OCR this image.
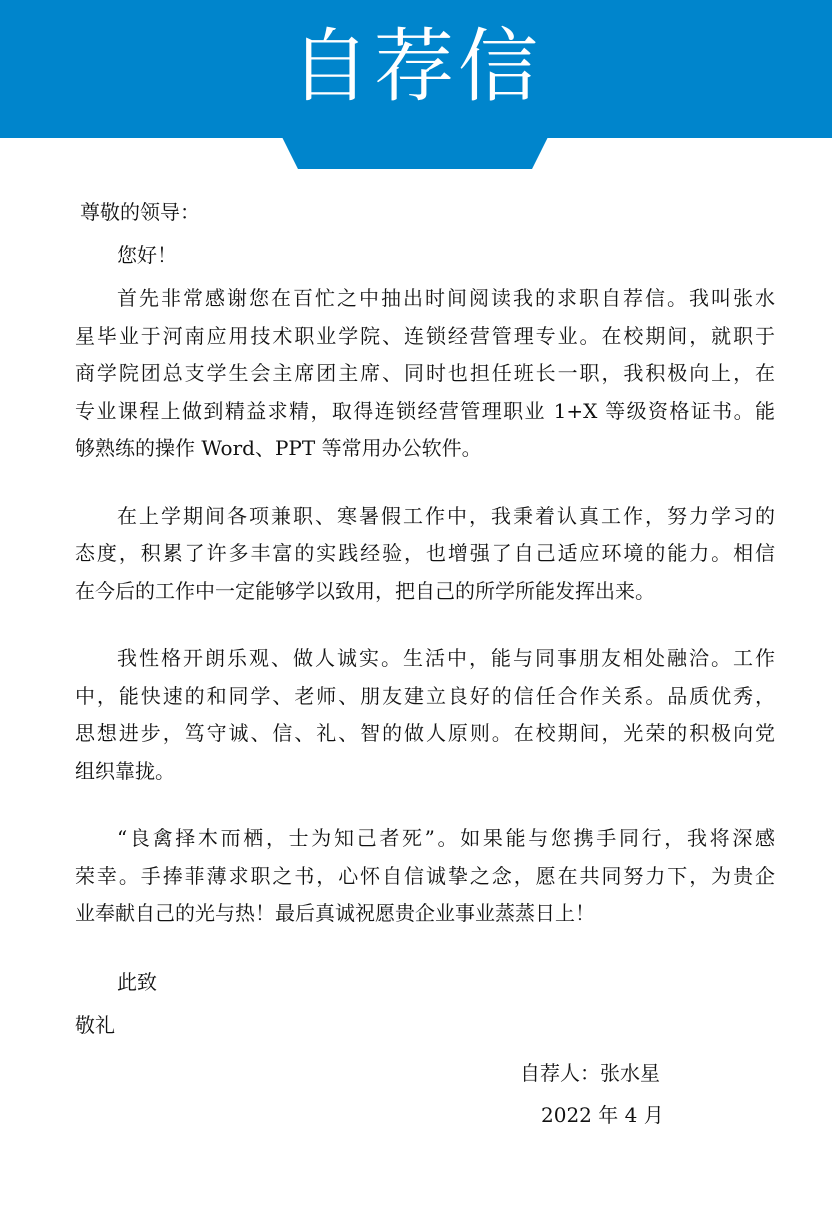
自荐信
尊敬的领导：
您好！
首先非常感谢您在百忙之中抽出时间阅读我的求职自荐信。我叫张水
星毕业于河南应用技术职业学院、连锁经营管理专业。在校期间，就职于
商学院团总支学生会主席团主席、同时也担任班长一职，我积极向上，在
专业课程上做到精益求精，取得连锁经营管理职业 1+X 等级资格证书。能
够熟练的操作 Word、PPT 等常用办公软件。
在上学期间各项兼职、寒暑假工作中，我秉着认真工作，努力学习的
态度，积累了许多丰富的实践经验，也增强了自己适应环境的能力。相信
在今后的工作中一定能够学以致用，把自己的所学所能发挥出来。
我性格开朗乐观、做人诚实。生活中，能与同事朋友相处融洽。工作
中，能快速的和同学、老师、朋友建立良好的信任合作关系。品质优秀，
思想进步，笃守诚、信、礼、智的做人原则。在校期间，光荣的积极向党
组织靠拢。
“良禽择木而栖，士为知己者死”。如果能与您携手同行，我将深感
荣幸。手捧菲薄求职之书，心怀自信诚挚之念，愿在共同努力下，为贵企
业奉献自己的光与热！最后真诚祝愿贵企业事业蒸蒸日上！
此致
敬礼
自荐人：张水星
2022 年 4 月
